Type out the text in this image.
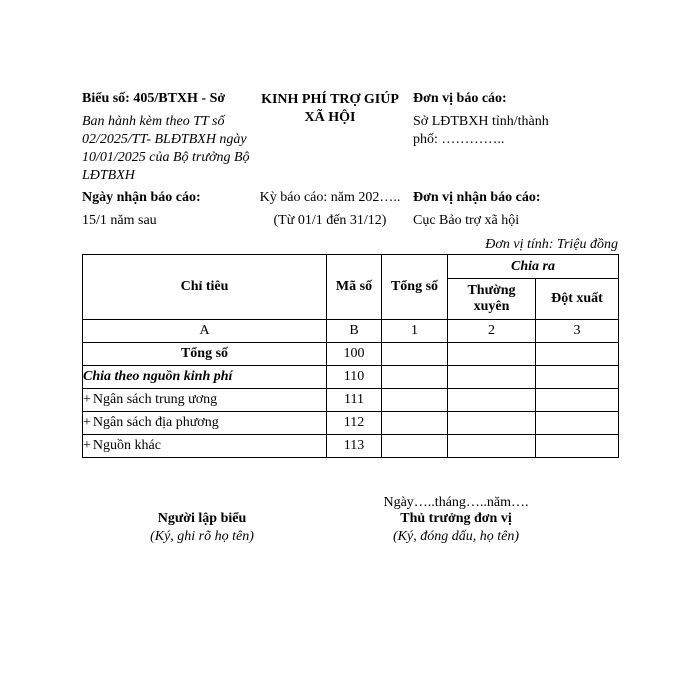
Biểu số: 405/BTXH - Sở
Ban hành kèm theo TT số 02/2025/TT- BLĐTBXH ngày 10/01/2025 của Bộ trưởng Bộ LĐTBXH
KINH PHÍ TRỢ GIÚP XÃ HỘI
Đơn vị báo cáo:
Sở LĐTBXH tỉnh/thành phố: …………..
Ngày nhận báo cáo:
15/1 năm sau
Kỳ báo cáo: năm 202…..
(Từ 01/1 đến 31/12)
Đơn vị nhận báo cáo:
Cục Bảo trợ xã hội
Đơn vị tính: Triệu đồng
Chỉ tiêu	Mã số	Tổng số	Chia ra	
			Thường xuyên	Đột xuất
A	B	1	2	3
Tổng số	100			
Chia theo nguồn kinh phí	110			
+ Ngân sách trung ương	111			
+ Ngân sách địa phương	112			
+ Nguồn khác	113			
Ngày…..tháng…..năm….
Người lập biểu
(Ký, ghi rõ họ tên)
Thủ trưởng đơn vị
(Ký, đóng dấu, họ tên)
